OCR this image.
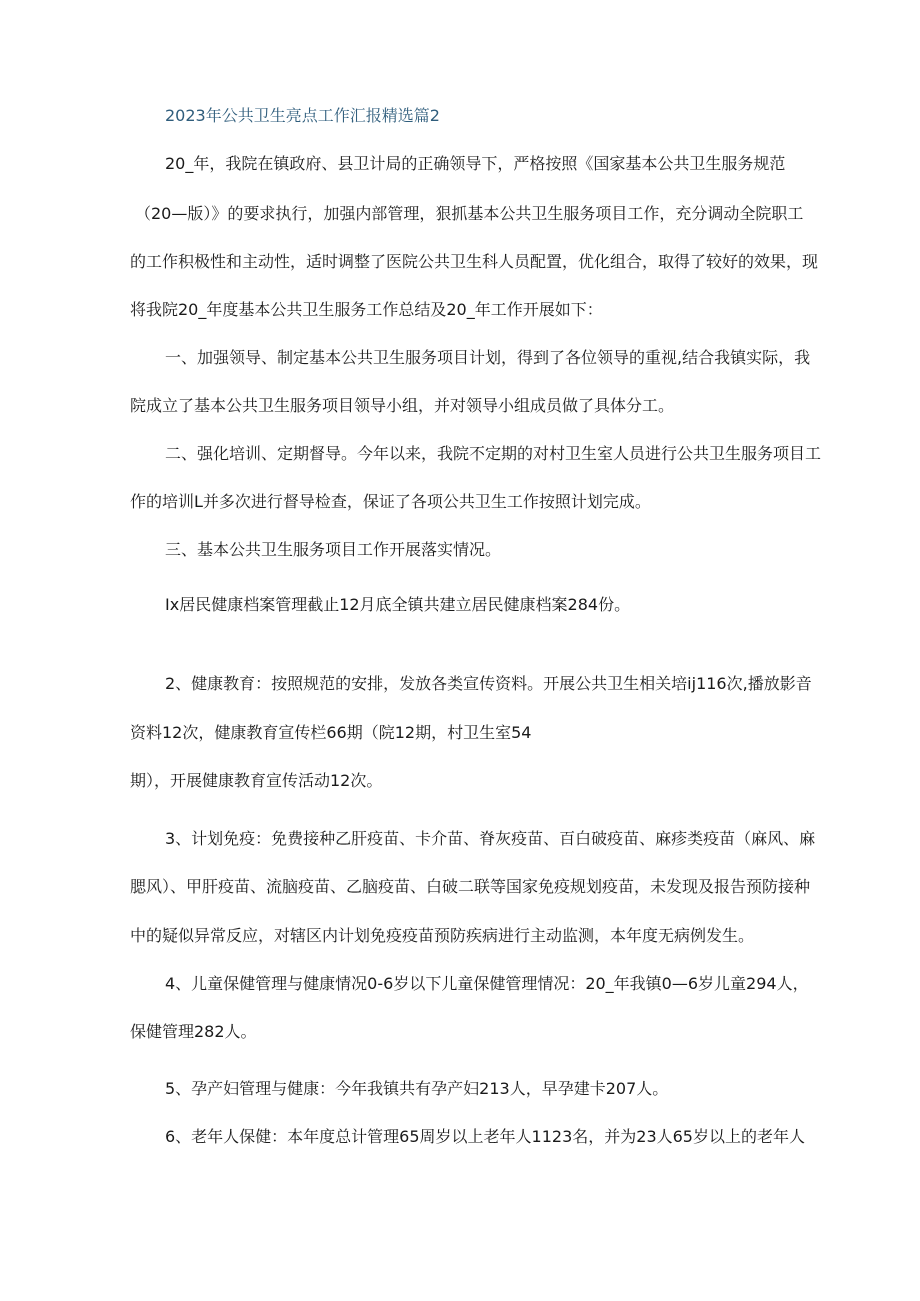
2023年公共卫生亮点工作汇报精选篇2

20_年，我院在镇政府、县卫计局的正确领导下，严格按照《国家基本公共卫生服务规范

（20—版）》的要求执行，加强内部管理，狠抓基本公共卫生服务项目工作，充分调动全院职工

的工作积极性和主动性，适时调整了医院公共卫生科人员配置，优化组合，取得了较好的效果，现

将我院20_年度基本公共卫生服务工作总结及20_年工作开展如下：

一、加强领导、制定基本公共卫生服务项目计划，得到了各位领导的重视,结合我镇实际，我

院成立了基本公共卫生服务项目领导小组，并对领导小组成员做了具体分工。

二、强化培训、定期督导。今年以来，我院不定期的对村卫生室人员进行公共卫生服务项目工

作的培训L并多次进行督导检查，保证了各项公共卫生工作按照计划完成。

三、基本公共卫生服务项目工作开展落实情况。

Ix居民健康档案管理截止12月底全镇共建立居民健康档案284份。

2、健康教育：按照规范的安排，发放各类宣传资料。开展公共卫生相关培ij116次,播放影音

资料12次，健康教育宣传栏66期（院12期，村卫生室54

期），开展健康教育宣传活动12次。

3、计划免疫：免费接种乙肝疫苗、卡介苗、脊灰疫苗、百白破疫苗、麻疹类疫苗（麻风、麻

腮风）、甲肝疫苗、流脑疫苗、乙脑疫苗、白破二联等国家免疫规划疫苗，未发现及报告预防接种

中的疑似异常反应，对辖区内计划免疫疫苗预防疾病进行主动监测，本年度无病例发生。

4、儿童保健管理与健康情况0-6岁以下儿童保健管理情况：20_年我镇0—6岁儿童294人，

保健管理282人。

5、孕产妇管理与健康：今年我镇共有孕产妇213人，早孕建卡207人。

6、老年人保健：本年度总计管理65周岁以上老年人1123名，并为23人65岁以上的老年人
